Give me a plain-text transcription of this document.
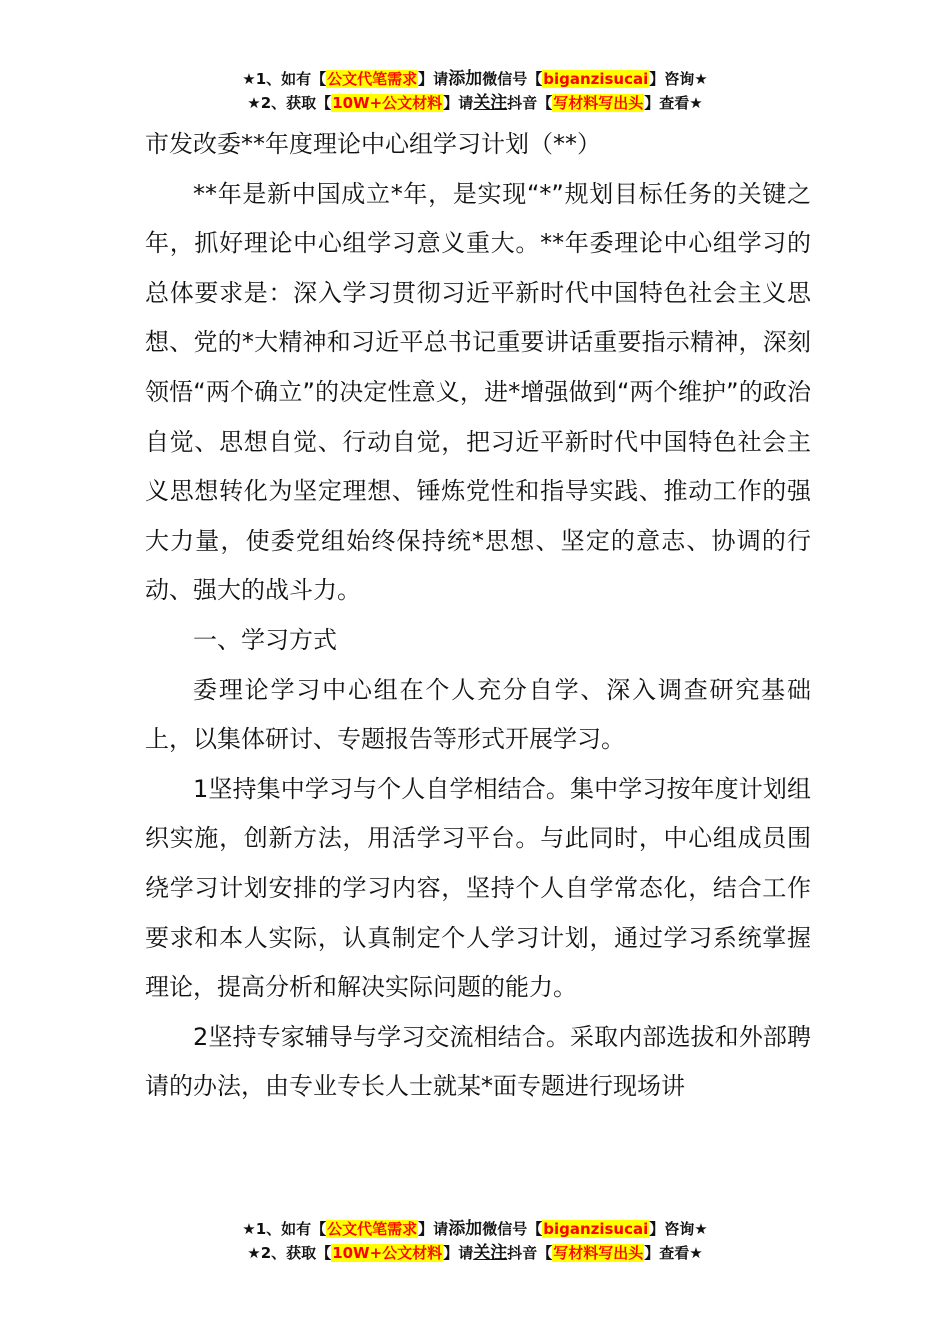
★1、如有【公文代笔需求】请添加微信号【biganzisucai】咨询★
★2、获取【10W+公文材料】请关注抖音【写材料写出头】查看★

市发改委**年度理论中心组学习计划（**）

**年是新中国成立*年，是实现“*”规划目标任务的关键之年，抓好理论中心组学习意义重大。**年委理论中心组学习的总体要求是：深入学习贯彻习近平新时代中国特色社会主义思想、党的*大精神和习近平总书记重要讲话重要指示精神，深刻领悟“两个确立”的决定性意义，进*增强做到“两个维护”的政治自觉、思想自觉、行动自觉，把习近平新时代中国特色社会主义思想转化为坚定理想、锤炼党性和指导实践、推动工作的强大力量，使委党组始终保持统*思想、坚定的意志、协调的行动、强大的战斗力。

一、学习方式

委理论学习中心组在个人充分自学、深入调查研究基础上，以集体研讨、专题报告等形式开展学习。

1坚持集中学习与个人自学相结合。集中学习按年度计划组织实施，创新方法，用活学习平台。与此同时，中心组成员围绕学习计划安排的学习内容，坚持个人自学常态化，结合工作要求和本人实际，认真制定个人学习计划，通过学习系统掌握理论，提高分析和解决实际问题的能力。

2坚持专家辅导与学习交流相结合。采取内部选拔和外部聘请的办法，由专业专长人士就某*面专题进行现场讲

★1、如有【公文代笔需求】请添加微信号【biganzisucai】咨询★
★2、获取【10W+公文材料】请关注抖音【写材料写出头】查看★
